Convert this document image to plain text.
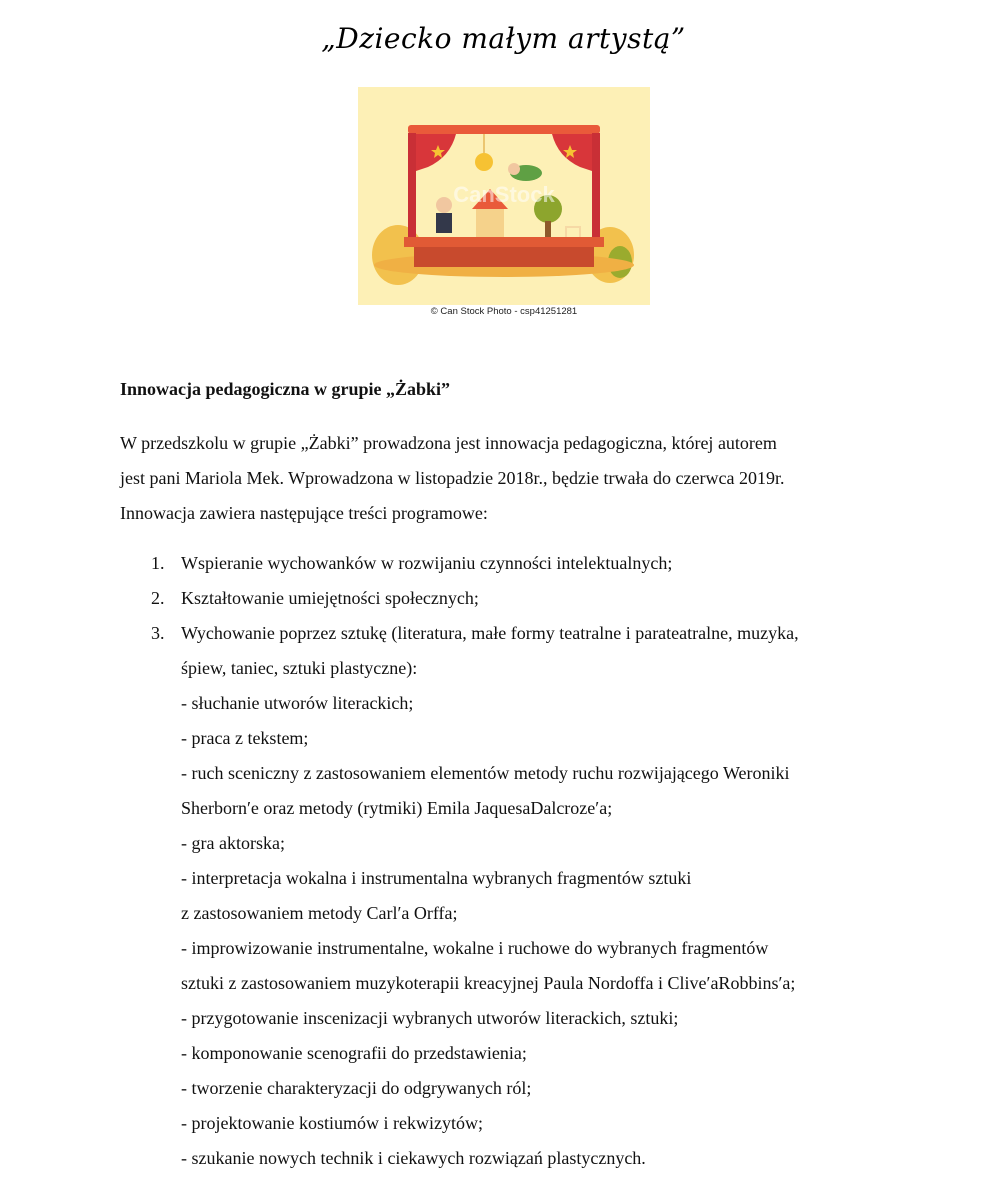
„Dziecko małym artystą”
CanStock
© Can Stock Photo - csp41251281
Innowacja pedagogiczna w grupie „Żabki”
W przedszkolu w grupie „Żabki” prowadzona jest innowacja pedagogiczna, której autorem
jest pani Mariola Mek. Wprowadzona w listopadzie 2018r., będzie trwała do czerwca 2019r.
Innowacja zawiera następujące treści programowe:
1. Wspieranie wychowanków w rozwijaniu czynności intelektualnych;
2. Kształtowanie umiejętności społecznych;
3. Wychowanie poprzez sztukę (literatura, małe formy teatralne i parateatralne, muzyka,
śpiew, taniec, sztuki plastyczne):
- słuchanie utworów literackich;
- praca z tekstem;
- ruch sceniczny z zastosowaniem elementów metody ruchu rozwijającego Weroniki
Sherborn′e oraz metody (rytmiki) Emila JaquesaDalcroze′a;
- gra aktorska;
- interpretacja wokalna i instrumentalna wybranych fragmentów sztuki
z zastosowaniem metody Carl′a Orffa;
- improwizowanie instrumentalne, wokalne i ruchowe do wybranych fragmentów
sztuki z zastosowaniem muzykoterapii kreacyjnej Paula Nordoffa i Clive′aRobbins′a;
- przygotowanie inscenizacji wybranych utworów literackich, sztuki;
- komponowanie scenografii do przedstawienia;
- tworzenie charakteryzacji do odgrywanych ról;
- projektowanie kostiumów i rekwizytów;
- szukanie nowych technik i ciekawych rozwiązań plastycznych.
